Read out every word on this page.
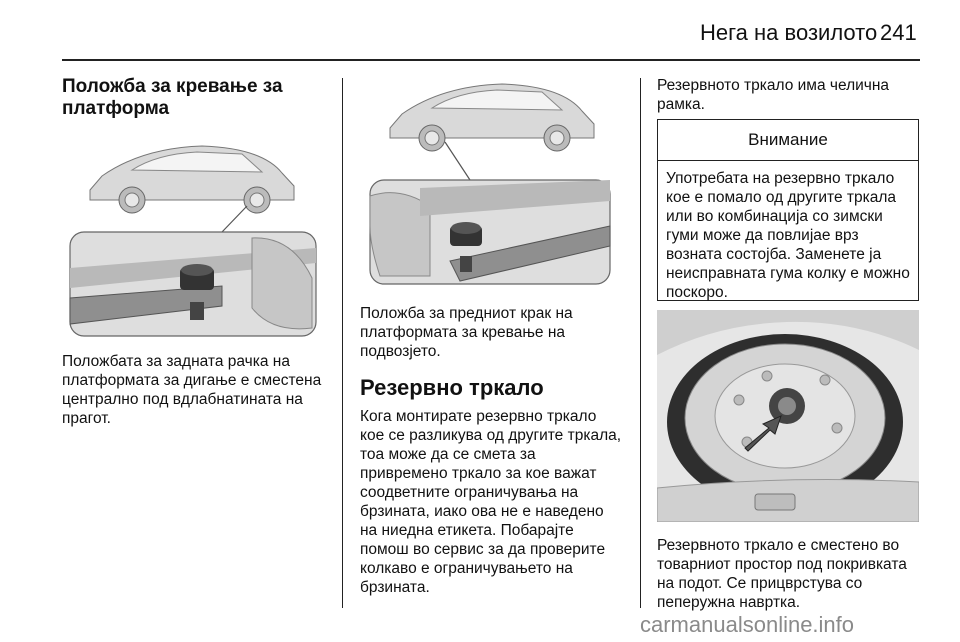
Нега на возилото 241
Положба за кревање за платформа

Положбата за задната рачка на платформата за дигање е сместена централно под вдлабнатината на прагот.

Положба за предниот крак на платформата за кревање на подвозјето.

Резервно тркало

Кога монтирате резервно тркало кое се разликува од другите тркала, тоа може да се смета за привремено тркало за кое важат соодветните ограничувања на брзината, иако ова не е наведено на ниедна етикета. Побарајте помош во сервис за да проверите колкаво е ограничувањето на брзината.

Резервното тркало има челична рамка.

Внимание
Употребата на резервно тркало кое е помало од другите тркала или во комбинација со зимски гуми може да повлијае врз возната состојба. Заменете ја неисправната гума колку е можно поскоро.

Резервното тркало е сместено во товарниот простор под покривката на подот. Се прицврстува со пеперужна навртка.

carmanualsonline.info
